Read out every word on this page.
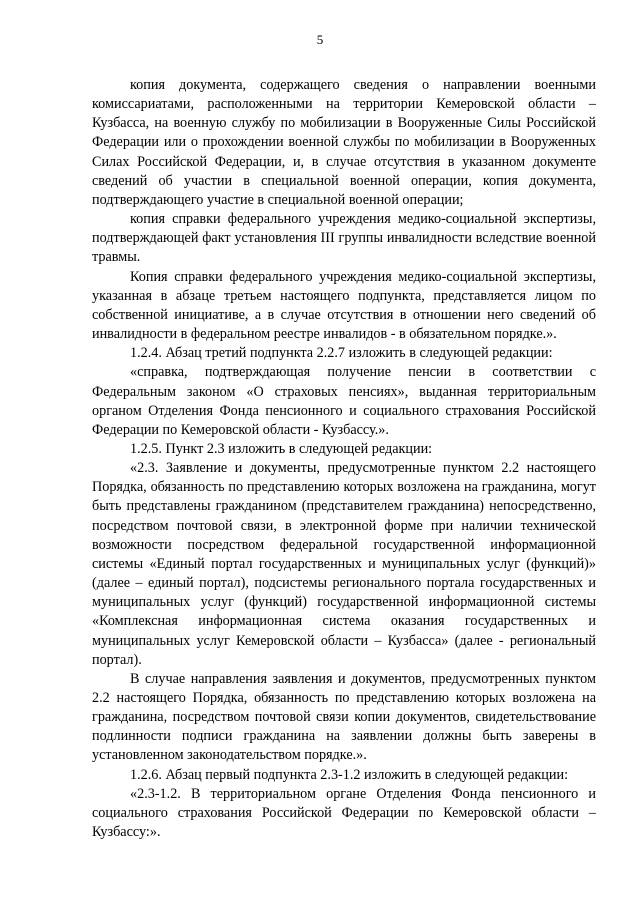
5

копия документа, содержащего сведения о направлении военными комиссариатами, расположенными на территории Кемеровской области – Кузбасса, на военную службу по мобилизации в Вооруженные Силы Российской Федерации или о прохождении военной службы по мобилизации в Вооруженных Силах Российской Федерации, и, в случае отсутствия в указанном документе сведений об участии в специальной военной операции, копия документа, подтверждающего участие в специальной военной операции;

копия справки федерального учреждения медико-социальной экспертизы, подтверждающей факт установления III группы инвалидности вследствие военной травмы.

Копия справки федерального учреждения медико-социальной экспертизы, указанная в абзаце третьем настоящего подпункта, представляется лицом по собственной инициативе, а в случае отсутствия в отношении него сведений об инвалидности в федеральном реестре инвалидов - в обязательном порядке.».

1.2.4. Абзац третий подпункта 2.2.7 изложить в следующей редакции:

«справка, подтверждающая получение пенсии в соответствии с Федеральным законом «О страховых пенсиях», выданная территориальным органом Отделения Фонда пенсионного и социального страхования Российской Федерации по Кемеровской области - Кузбассу.».

1.2.5. Пункт 2.3 изложить в следующей редакции:

«2.3. Заявление и документы, предусмотренные пунктом 2.2 настоящего Порядка, обязанность по представлению которых возложена на гражданина, могут быть представлены гражданином (представителем гражданина) непосредственно, посредством почтовой связи, в электронной форме при наличии технической возможности посредством федеральной государственной информационной системы «Единый портал государственных и муниципальных услуг (функций)» (далее – единый портал), подсистемы регионального портала государственных и муниципальных услуг (функций) государственной информационной системы «Комплексная информационная система оказания государственных и муниципальных услуг Кемеровской области – Кузбасса» (далее - региональный портал).

В случае направления заявления и документов, предусмотренных пунктом 2.2 настоящего Порядка, обязанность по представлению которых возложена на гражданина, посредством почтовой связи копии документов, свидетельствование подлинности подписи гражданина на заявлении должны быть заверены в установленном законодательством порядке.».

1.2.6. Абзац первый подпункта 2.3-1.2 изложить в следующей редакции:

«2.3-1.2. В территориальном органе Отделения Фонда пенсионного и социального страхования Российской Федерации по Кемеровской области – Кузбассу:».
